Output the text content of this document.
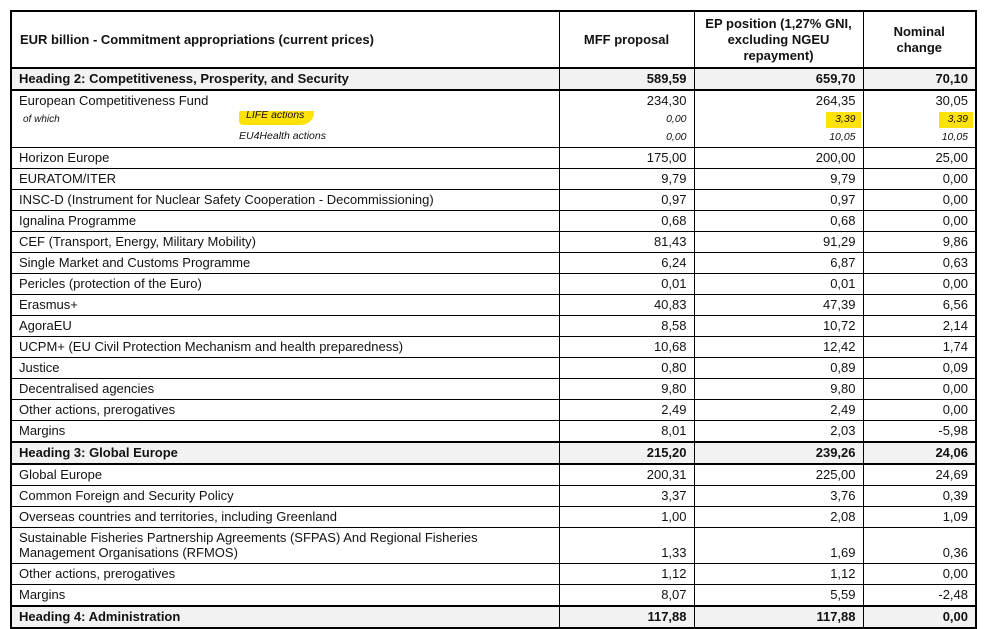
EUR billion - Commitment appropriations (current prices)	MFF proposal	EP position (1,27% GNI, excluding NGEU repayment)	Nominal change
Heading 2: Competitiveness, Prosperity, and Security	589,59	659,70	70,10
European Competitiveness Fund	234,30	264,35	30,05
of which LIFE actions	0,00	3,39	3,39

EU4Health actions	0,00	10,05	10,05
Horizon Europe	175,00	200,00	25,00
EURATOM/ITER	9,79	9,79	0,00
INSC-D (Instrument for Nuclear Safety Cooperation - Decommissioning)	0,97	0,97	0,00
Ignalina Programme	0,68	0,68	0,00
CEF (Transport, Energy, Military Mobility)	81,43	91,29	9,86
Single Market and Customs Programme	6,24	6,87	0,63
Pericles (protection of the Euro)	0,01	0,01	0,00
Erasmus+	40,83	47,39	6,56
AgoraEU	8,58	10,72	2,14
UCPM+ (EU Civil Protection Mechanism and health preparedness)	10,68	12,42	1,74
Justice	0,80	0,89	0,09
Decentralised agencies	9,80	9,80	0,00
Other actions, prerogatives	2,49	2,49	0,00
Margins	8,01	2,03	-5,98
Heading 3: Global Europe	215,20	239,26	24,06
Global Europe	200,31	225,00	24,69
Common Foreign and Security Policy	3,37	3,76	0,39
Overseas countries and territories, including Greenland	1,00	2,08	1,09
Sustainable Fisheries Partnership Agreements (SFPAS) And Regional Fisheries Management Organisations (RFMOS)	1,33	1,69	0,36
Other actions, prerogatives	1,12	1,12	0,00
Margins	8,07	5,59	-2,48
Heading 4: Administration	117,88	117,88	0,00
